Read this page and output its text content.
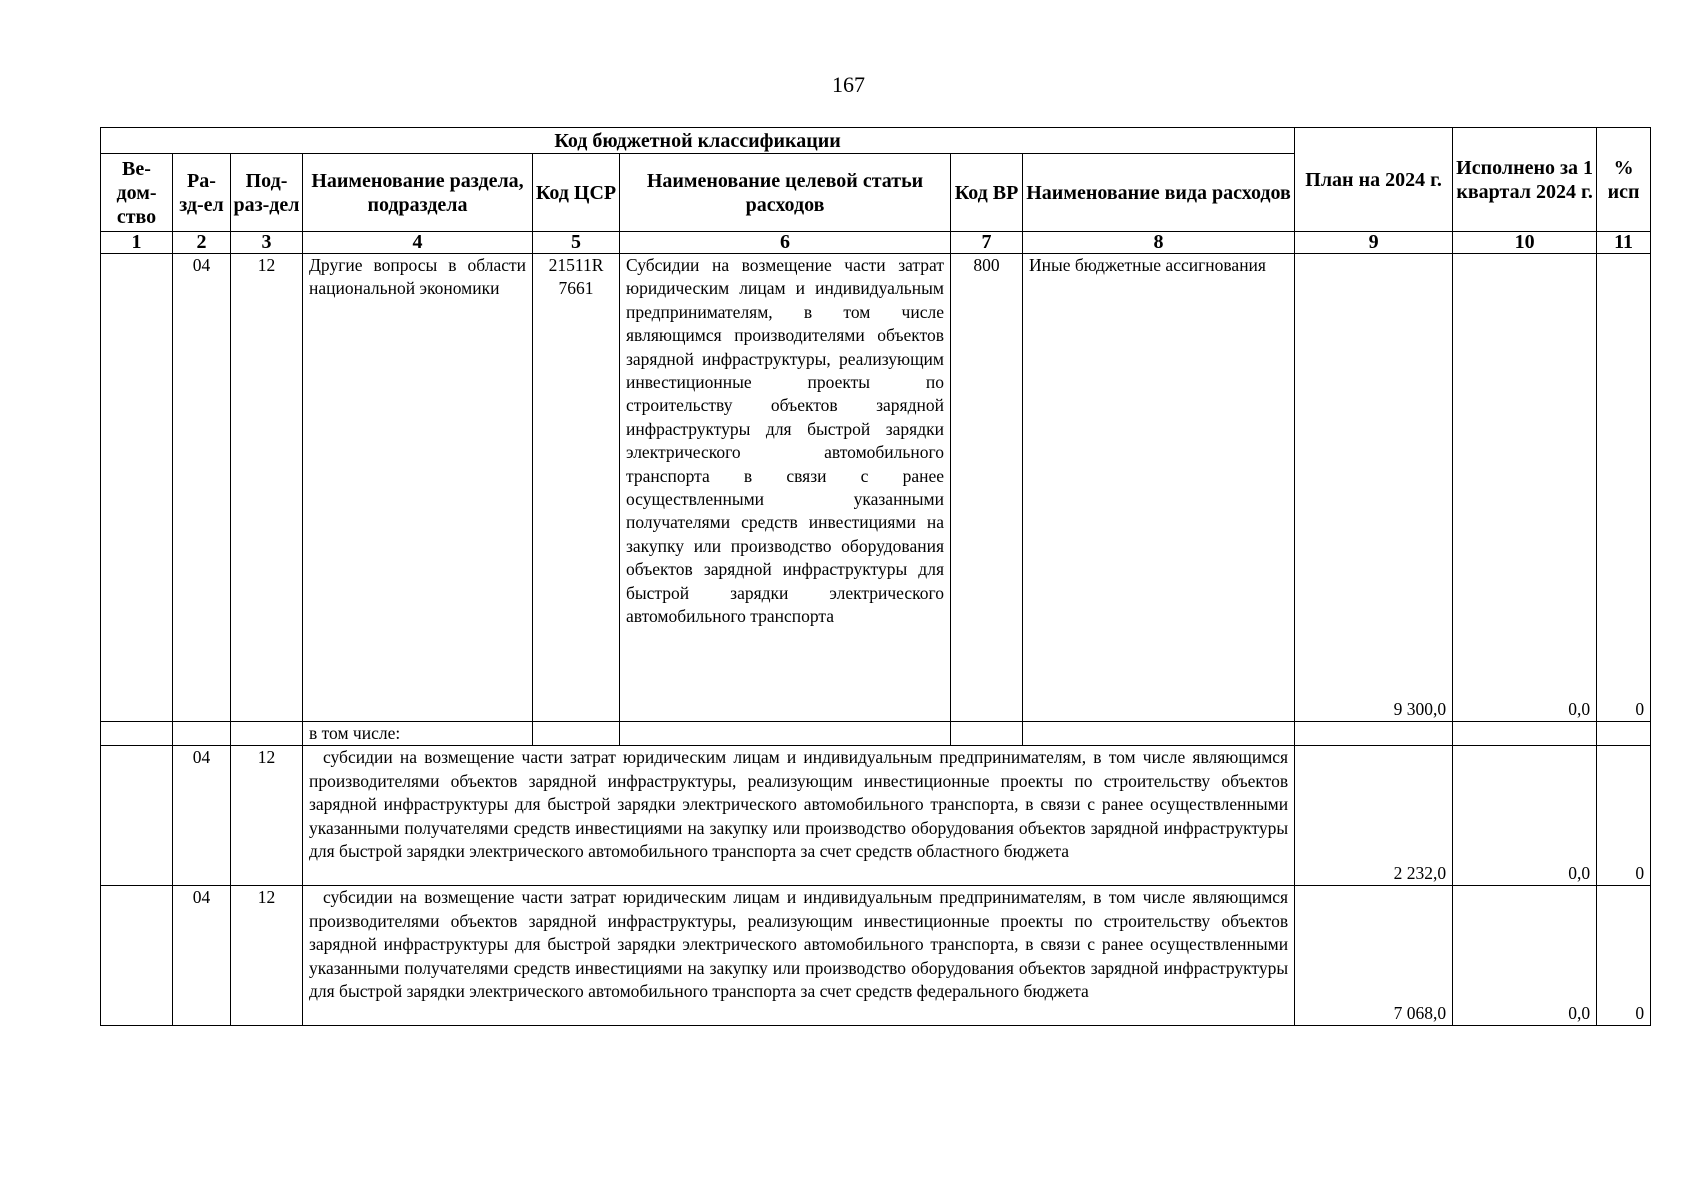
167
Код бюджетной классификации								План на 2024 г.	Исполнено за 1 квартал 2024 г.	% исп
Ве-дом-ство	Ра-зд-ел	Под-раз-дел	Наименование раздела, подраздела	Код ЦСР	Наименование целевой статьи расходов	Код ВР	Наименование вида расходов			
1	2	3	4	5	6	7	8	9	10	11
	04	12	Другие вопросы в области национальной экономики	21511R 7661	Субсидии на возмещение части затрат юридическим лицам и индивидуальным предпринимателям, в том числе являющимся производителями объектов зарядной инфраструктуры, реализующим инвестиционные проекты по строительству объектов зарядной инфраструктуры для быстрой зарядки электрического автомобильного транспорта в связи с ранее осуществленными указанными получателями средств инвестициями на закупку или производство оборудования объектов зарядной инфраструктуры для быстрой зарядки электрического автомобильного транспорта	800	Иные бюджетные ассигнования	9 300,0	0,0	0
			в том числе:							
	04	12	субсидии на возмещение части затрат юридическим лицам и индивидуальным предпринимателям, в том числе являющимся производителями объектов зарядной инфраструктуры, реализующим инвестиционные проекты по строительству объектов зарядной инфраструктуры для быстрой зарядки электрического автомобильного транспорта, в связи с ранее осуществленными указанными получателями средств инвестициями на закупку или производство оборудования объектов зарядной инфраструктуры для быстрой зарядки электрического автомобильного транспорта за счет средств областного бюджета					2 232,0	0,0	0
	04	12	субсидии на возмещение части затрат юридическим лицам и индивидуальным предпринимателям, в том числе являющимся производителями объектов зарядной инфраструктуры, реализующим инвестиционные проекты по строительству объектов зарядной инфраструктуры для быстрой зарядки электрического автомобильного транспорта, в связи с ранее осуществленными указанными получателями средств инвестициями на закупку или производство оборудования объектов зарядной инфраструктуры для быстрой зарядки электрического автомобильного транспорта за счет средств федерального бюджета					7 068,0	0,0	0
